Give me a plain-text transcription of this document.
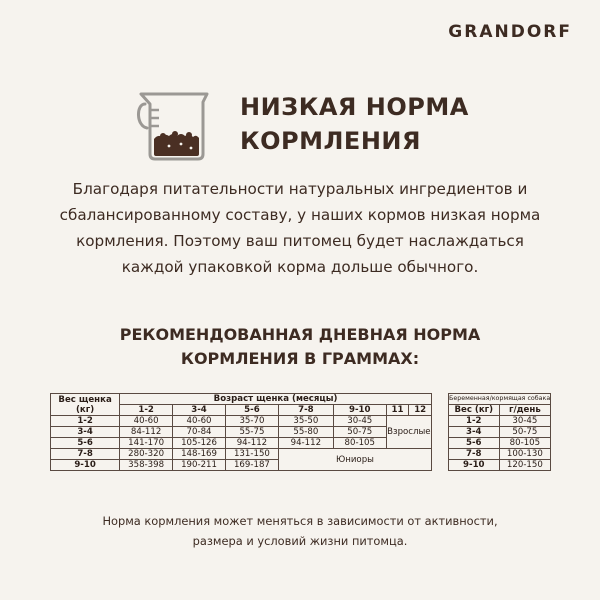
GRANDORF
НИЗКАЯ НОРМА
КОРМЛЕНИЯ

Благодаря питательности натуральных ингредиентов и

сбалансированному составу, у наших кормов низкая норма

кормления. Поэтому ваш питомец будет наслаждаться

каждой упаковкой корма дольше обычного.

РЕКОМЕНДОВАННАЯ ДНЕВНАЯ НОРМА
КОРМЛЕНИЯ В ГРАММАХ:
Вес щенка (кг)	Возраст щенка (месяцы)						
	1-2	3-4	5-6	7-8	9-10	11	12
1-2	40-60	40-60	35-70	35-50	30-45	Взрослые	
3-4	84-112	70-84	55-75	55-80	50-75		
5-6	141-170	105-126	94-112	94-112	80-105		
7-8	280-320	148-169	131-150	Юниоры			
9-10	358-398	190-211	169-187				
Беременная/кормящая собака	
Вес (кг)	г/день
1-2	30-45
3-4	50-75
5-6	80-105
7-8	100-130
9-10	120-150

Норма кормления может меняться в зависимости от активности,

размера и условий жизни питомца.
